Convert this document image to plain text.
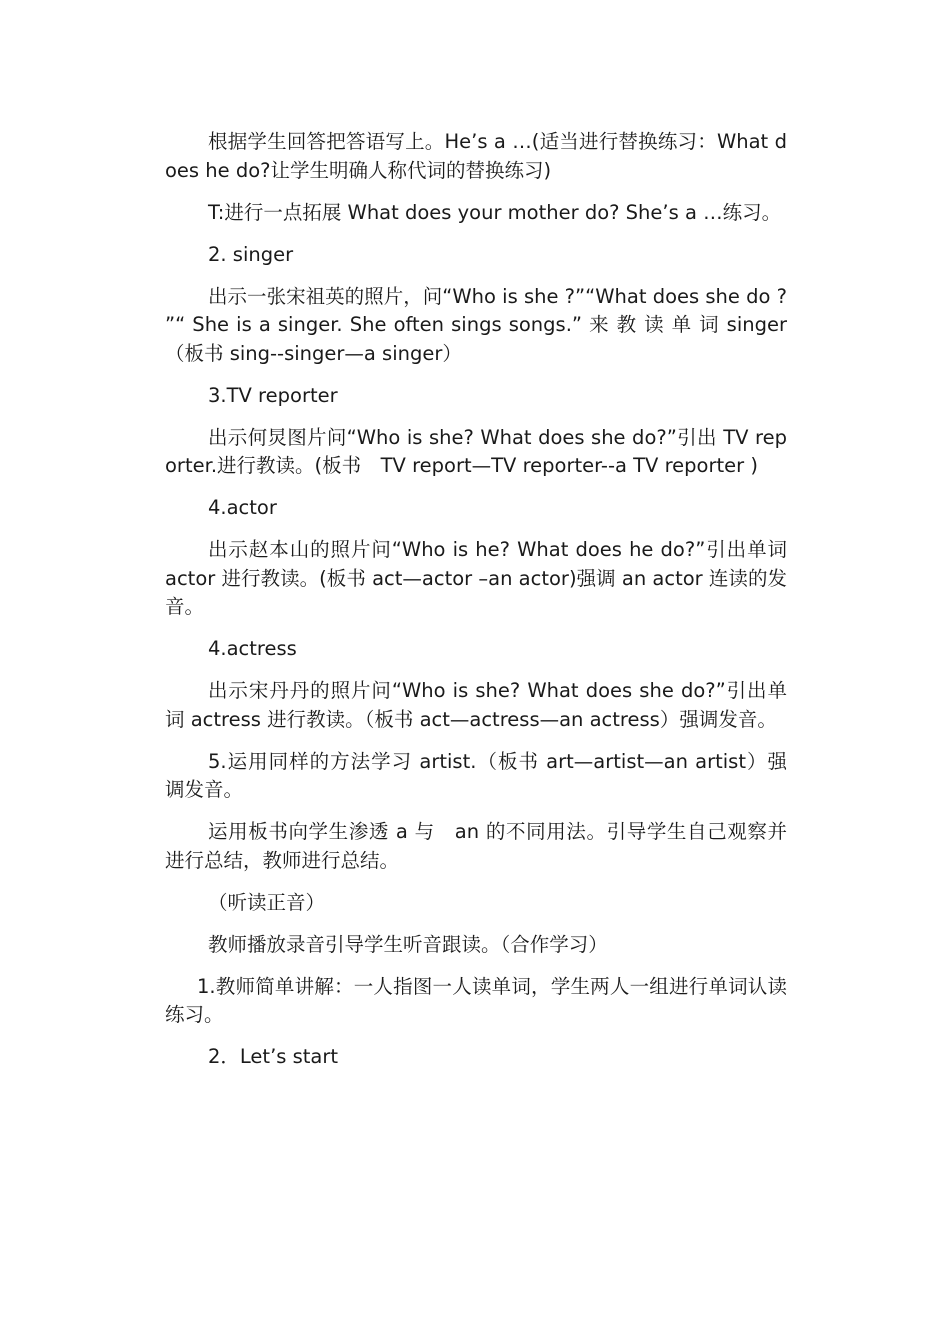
根据学生回答把答语写上。He’s a …(适当进行替换练习：What does he do?让学生明确人称代词的替换练习)

T:进行一点拓展 What does your mother do? She’s a …练习。

2. singer

出示一张宋祖英的照片，问“Who is she ?”“What does she do ? ”“ She is a singer. She often sings songs.” 来 教 读 单 词 singer（板书 sing--singer—a singer）

3.TV reporter

出示何炅图片问“Who is she? What does she do?”引出 TV reporter.进行教读。(板书　TV report—TV reporter--a TV reporter )

4.actor

出示赵本山的照片问“Who is he? What does he do?”引出单词 actor 进行教读。(板书 act—actor –an actor)强调 an actor 连读的发音。

4.actress

出示宋丹丹的照片问“Who is she? What does she do?”引出单词 actress 进行教读。（板书 act—actress—an actress）强调发音。

5.运用同样的方法学习 artist.（板书 art—artist—an artist）强调发音。

运用板书向学生渗透 a 与　an 的不同用法。引导学生自己观察并进行总结，教师进行总结。

（听读正音）

教师播放录音引导学生听音跟读。（合作学习）

1.教师简单讲解：一人指图一人读单词，学生两人一组进行单词认读练习。

2．Let’s start
